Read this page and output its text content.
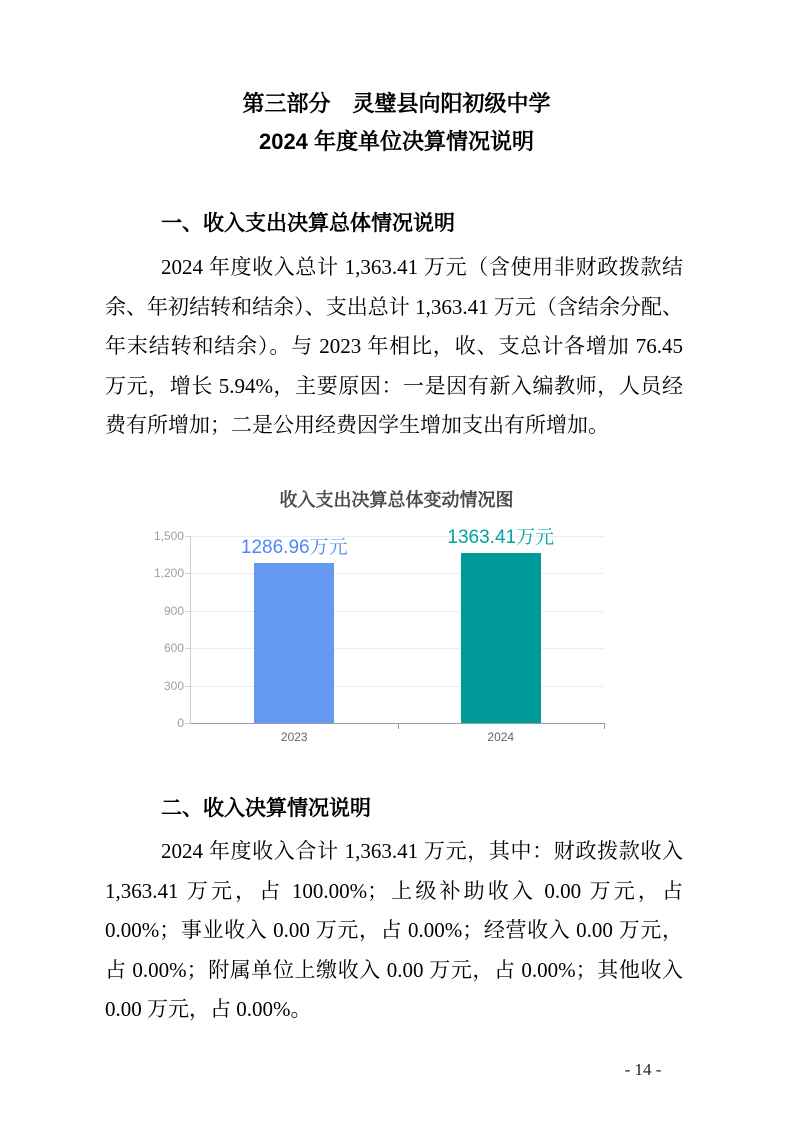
第三部分　灵璧县向阳初级中学
2024 年度单位决算情况说明
一、收入支出决算总体情况说明
2024 年度收入总计 1,363.41 万元（含使用非财政拨款结余、年初结转和结余）、支出总计 1,363.41 万元（含结余分配、年末结转和结余）。与 2023 年相比，收、支总计各增加 76.45 万元，增长 5.94%，主要原因：一是因有新入编教师，人员经费有所增加；二是公用经费因学生增加支出有所增加。
收入支出决算总体变动情况图
0
300
600
900
1,200
1,500
1286.96万元
2023
1363.41万元
2024
二、收入决算情况说明
2024 年度收入合计 1,363.41 万元，其中：财政拨款收入 1,363.41 万元，占 100.00%；上级补助收入 0.00 万元，占 0.00%；事业收入 0.00 万元，占 0.00%；经营收入 0.00 万元，占 0.00%；附属单位上缴收入 0.00 万元，占 0.00%；其他收入 0.00 万元，占 0.00%。
- 14 -
